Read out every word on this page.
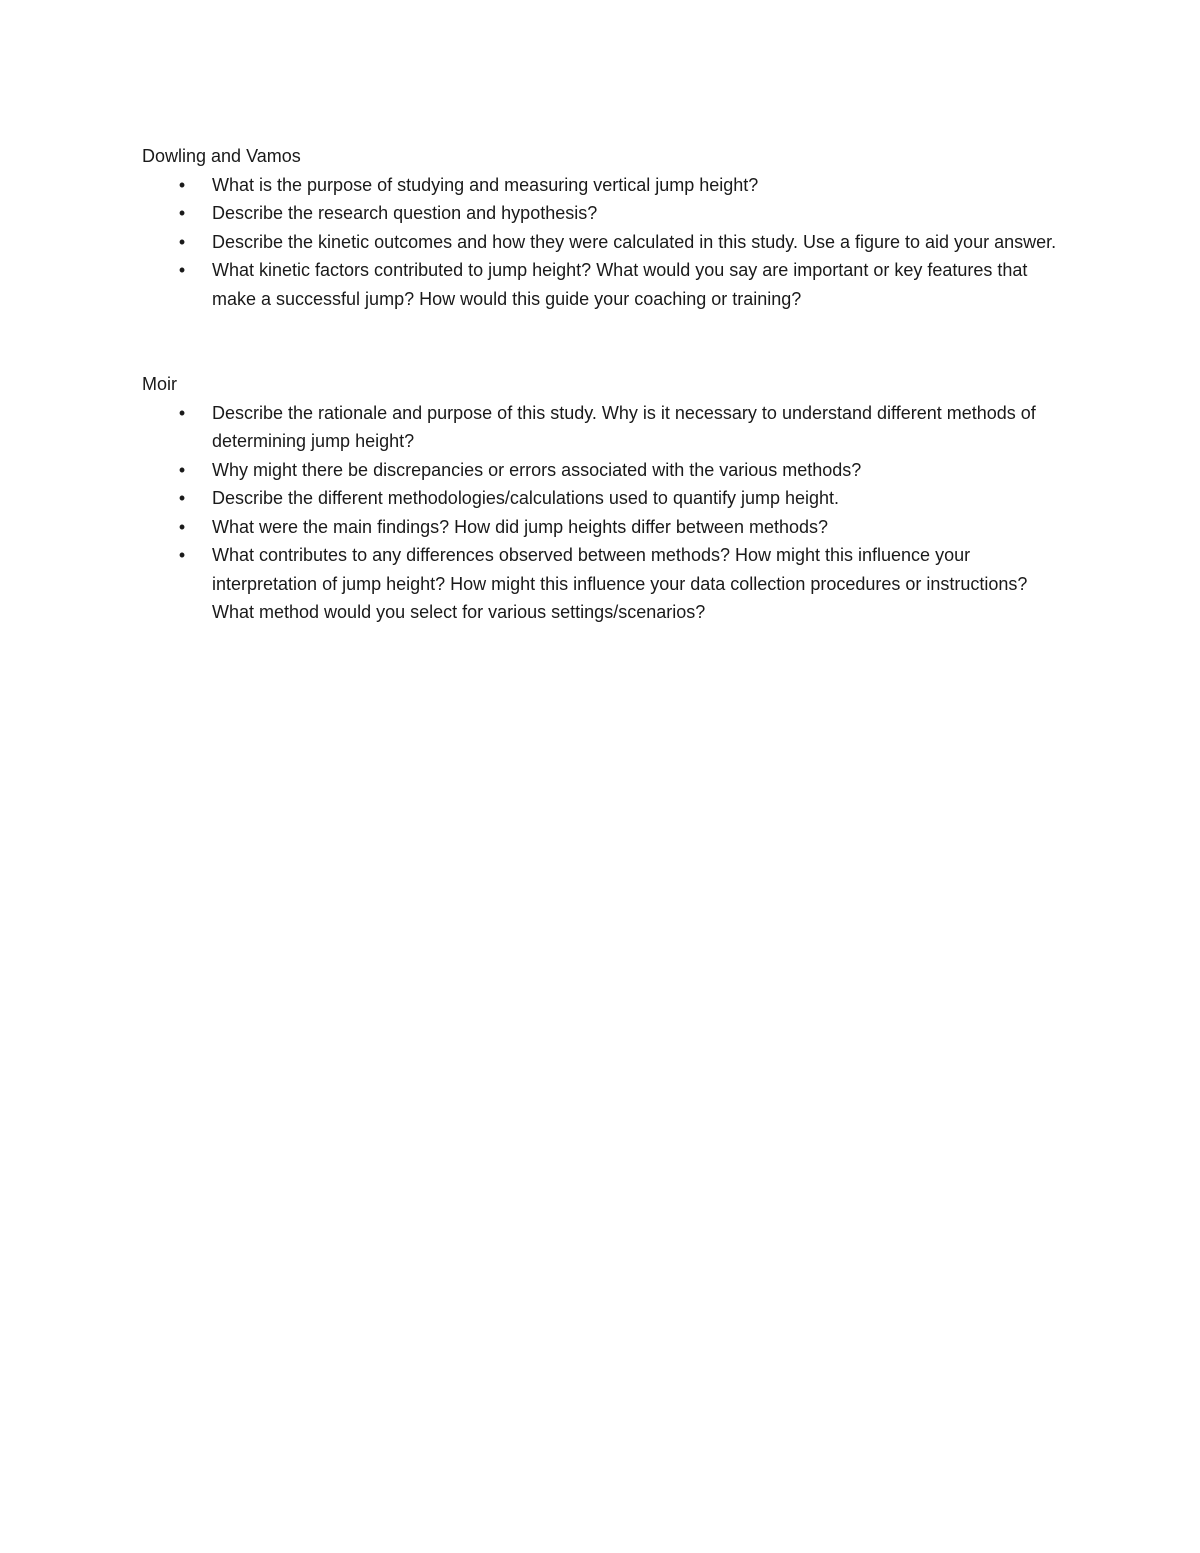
Dowling and Vamos

•	What is the purpose of studying and measuring vertical jump height?
•	Describe the research question and hypothesis?
•	Describe the kinetic outcomes and how they were calculated in this study. Use a figure to aid your answer.
•	What kinetic factors contributed to jump height? What would you say are important or key features that make a successful jump? How would this guide your coaching or training?

Moir

•	Describe the rationale and purpose of this study. Why is it necessary to understand different methods of determining jump height?
•	Why might there be discrepancies or errors associated with the various methods?
•	Describe the different methodologies/calculations used to quantify jump height.
•	What were the main findings? How did jump heights differ between methods?
•	What contributes to any differences observed between methods? How might this influence your interpretation of jump height? How might this influence your data collection procedures or instructions? What method would you select for various settings/scenarios?
